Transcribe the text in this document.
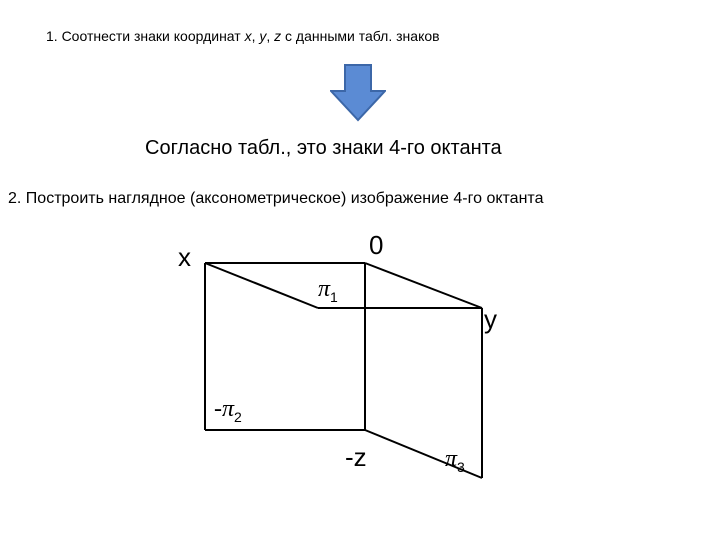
1. Соотнести знаки координат x, y, z с данными табл. знаков
Согласно табл., это знаки 4-го октанта
2. Построить наглядное (аксонометрическое) изображение 4-го октанта
x	0
y
-z
$\pi_1$
$-\pi_2$
$\pi_3$
